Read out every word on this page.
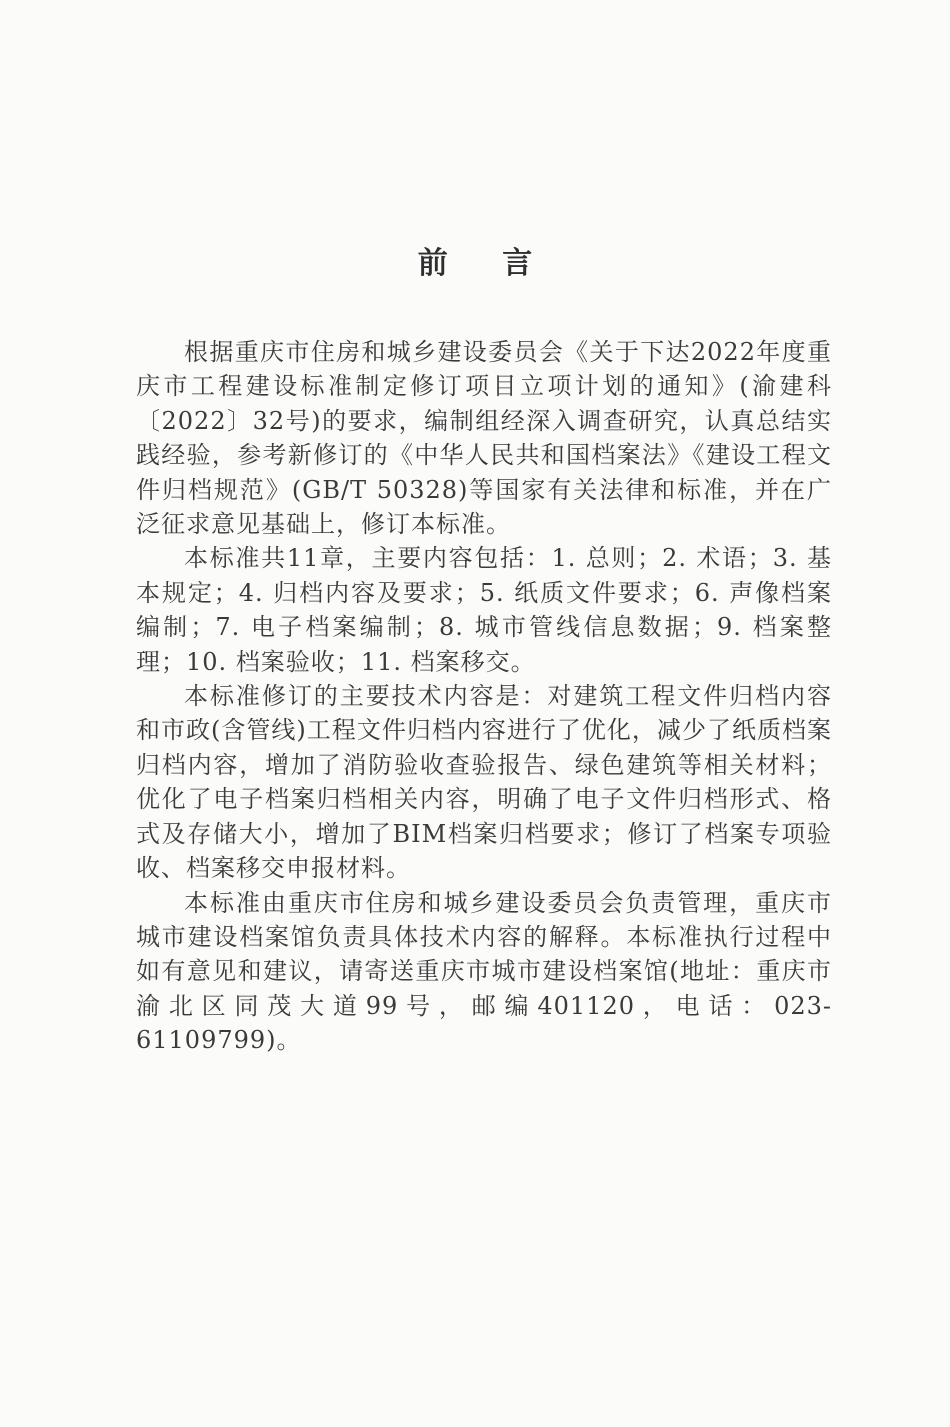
前 言

根据重庆市住房和城乡建设委员会《关于下达2022年度重庆市工程建设标准制定修订项目立项计划的通知》(渝建科〔2022〕32号)的要求，编制组经深入调查研究，认真总结实践经验，参考新修订的《中华人民共和国档案法》《建设工程文件归档规范》(GB/T 50328)等国家有关法律和标准，并在广泛征求意见基础上，修订本标准。

本标准共11章，主要内容包括：1. 总则；2. 术语；3. 基本规定；4. 归档内容及要求；5. 纸质文件要求；6. 声像档案编制；7. 电子档案编制；8. 城市管线信息数据；9. 档案整理；10. 档案验收；11. 档案移交。

本标准修订的主要技术内容是：对建筑工程文件归档内容和市政(含管线)工程文件归档内容进行了优化，减少了纸质档案归档内容，增加了消防验收查验报告、绿色建筑等相关材料；优化了电子档案归档相关内容，明确了电子文件归档形式、格式及存储大小，增加了BIM档案归档要求；修订了档案专项验收、档案移交申报材料。

本标准由重庆市住房和城乡建设委员会负责管理，重庆市城市建设档案馆负责具体技术内容的解释。本标准执行过程中如有意见和建议，请寄送重庆市城市建设档案馆(地址：重庆市渝北区同茂大道99号，邮编401120，电话：023-61109799)。
